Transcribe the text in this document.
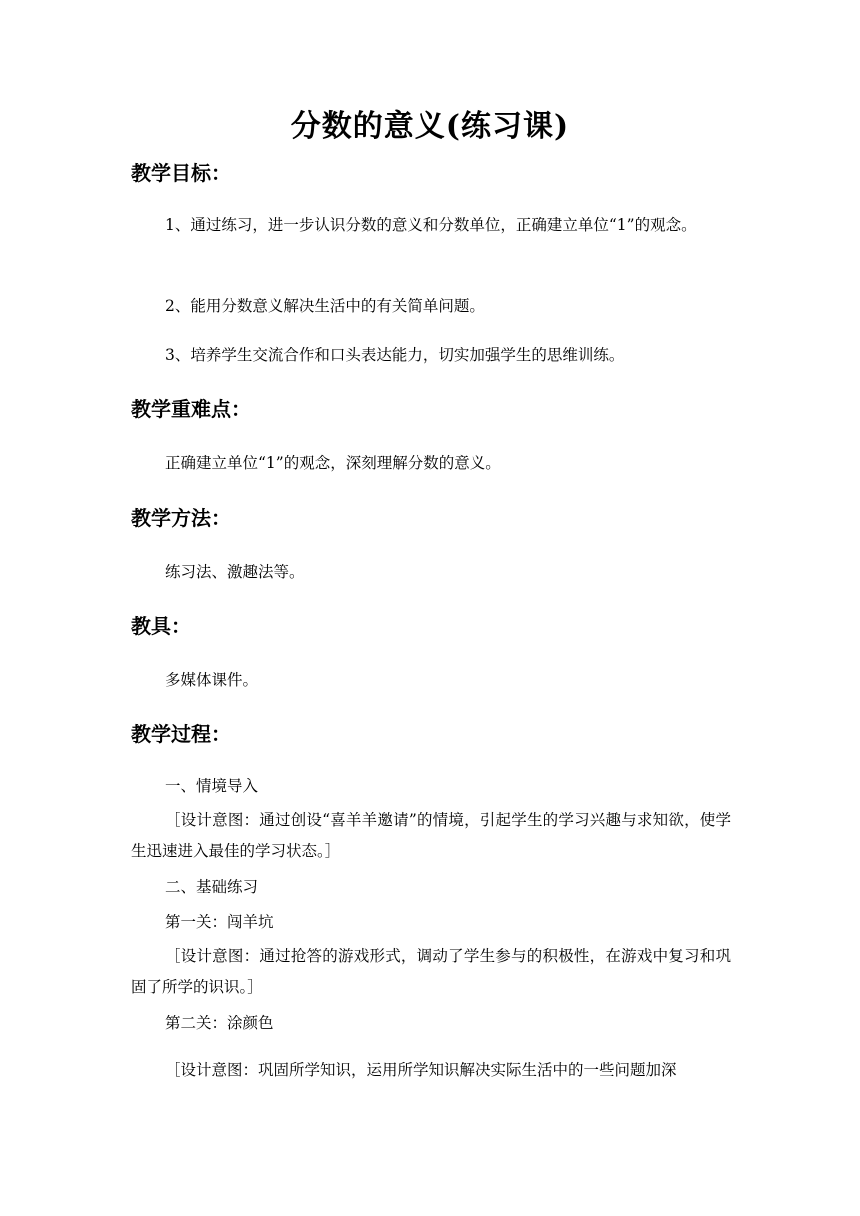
分数的意义(练习课)
教学目标：

1、通过练习，进一步认识分数的意义和分数单位，正确建立单位“1”的观念。

2、能用分数意义解决生活中的有关简单问题。

3、培养学生交流合作和口头表达能力，切实加强学生的思维训练。

教学重难点：

正确建立单位“1”的观念，深刻理解分数的意义。

教学方法：

练习法、激趣法等。

教具：

多媒体课件。

教学过程：
一、情境导入

［设计意图：通过创设“喜羊羊邀请”的情境，引起学生的学习兴趣与求知欲，使学生迅速进入最佳的学习状态。］

二、基础练习
第一关：闯羊坑

［设计意图：通过抢答的游戏形式，调动了学生参与的积极性，在游戏中复习和巩固了所学的识识。］

第二关：涂颜色

［设计意图：巩固所学知识，运用所学知识解决实际生活中的一些问题加深
